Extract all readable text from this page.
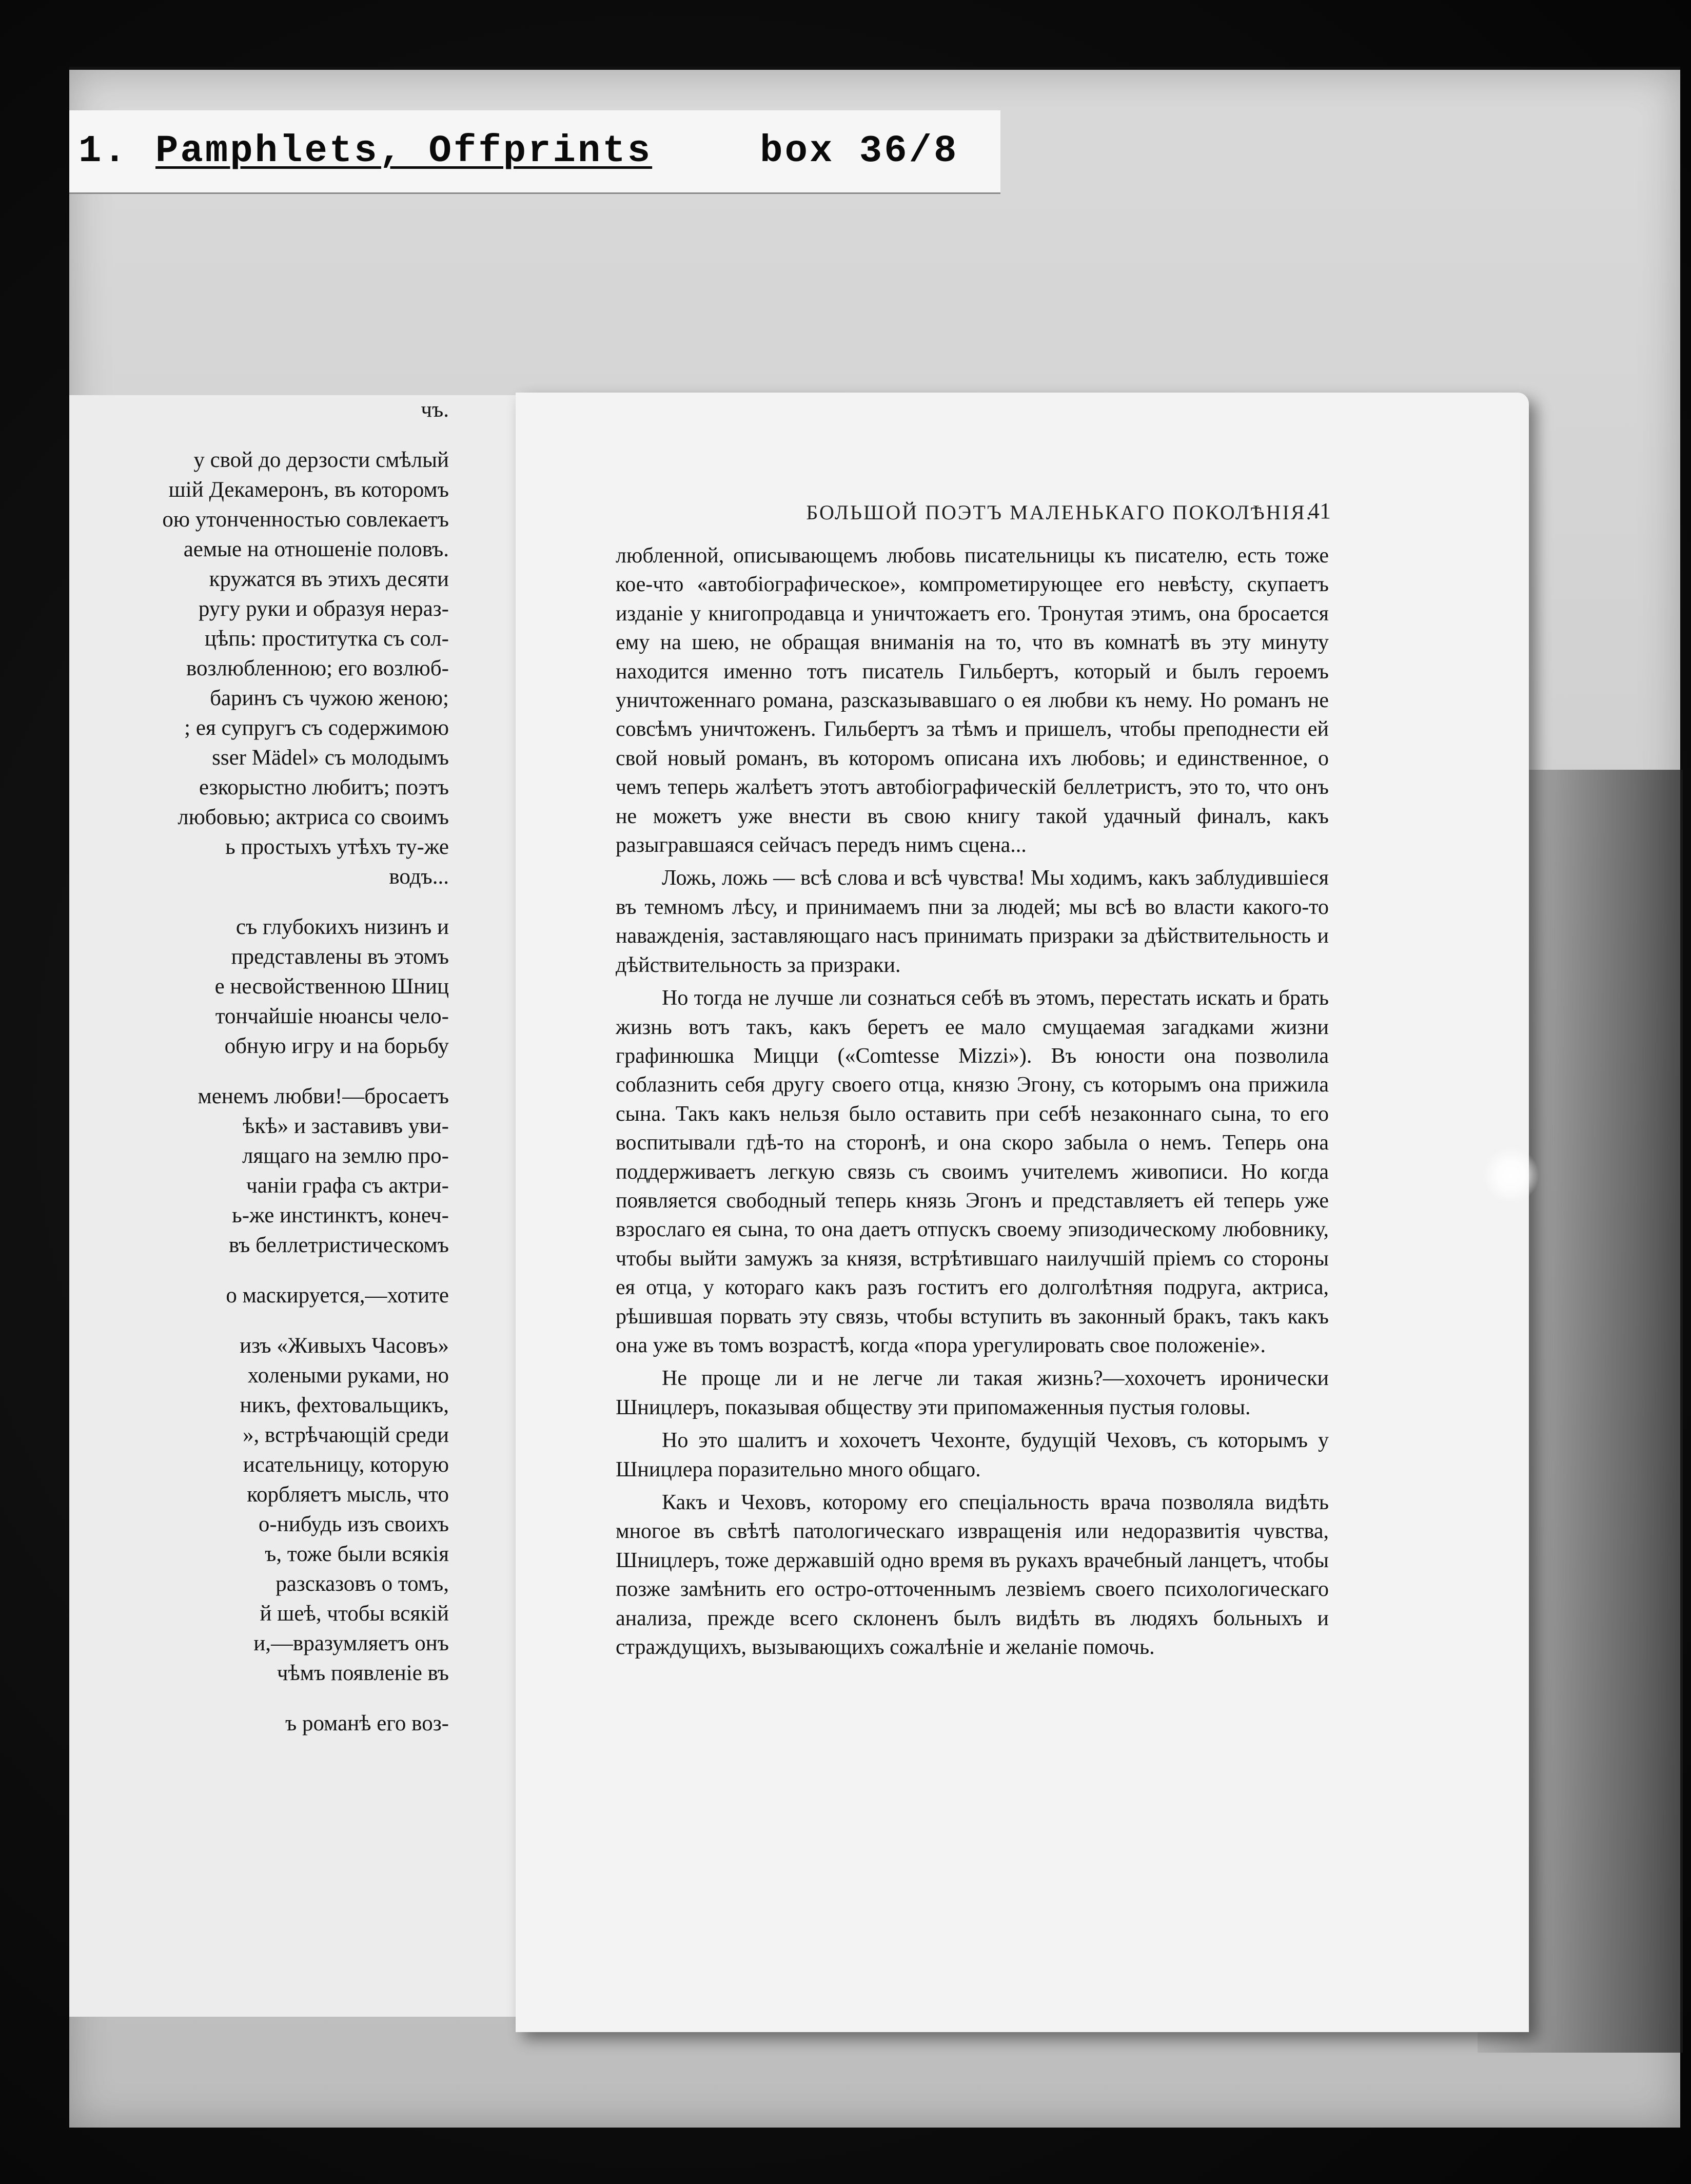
1. Pamphlets, Offprints	box 36/8
чъ.
у свой до дерзости смѣлый
шій Декамеронъ, въ которомъ
ою утонченностью совлекаетъ
аемые на отношеніе половъ.
кружатся въ этихъ десяти
ругу руки и образуя нераз-
цѣпь: проститутка съ сол-
возлюбленною; его возлюб-
баринъ съ чужою женою;
; ея супругъ съ содержимою
sser Mädel» съ молодымъ
езкорыстно любитъ; поэтъ
любовью; актриса со своимъ
ь простыхъ утѣхъ ту-же
водъ...
съ глубокихъ низинъ и
представлены въ этомъ
е несвойственною Шниц
тончайшіе нюансы чело-
обную игру и на борьбу
менемъ любви!—бросаетъ
ѣкѣ» и заставивъ уви-
лящаго на землю про-
чаніи графа съ актри-
ь-же инстинктъ, конеч-
въ беллетристическомъ
о маскируется,—хотите
изъ «Живыхъ Часовъ»
холеными руками, но
никъ, фехтовальщикъ,
», встрѣчающій среди
исательницу, которую
корбляетъ мысль, что
о-нибудь изъ своихъ
ъ, тоже были всякія
разсказовъ о томъ,
й шеѣ, чтобы всякій
и,—вразумляетъ онъ
чѣмъ появленіе въ
ъ романѣ его воз-
БОЛЬШОЙ ПОЭТЪ МАЛЕНЬКАГО ПОКОЛѢНІЯ.
41

любленной, описывающемъ любовь писательницы къ писателю, есть тоже кое-что «автобіографическое», компрометирующее его невѣсту, скупаетъ изданіе у книгопродавца и уничтожаетъ его. Тронутая этимъ, она бросается ему на шею, не обращая вниманія на то, что въ комнатѣ въ эту минуту находится именно тотъ писатель Гильбертъ, который и былъ героемъ уничтоженнаго романа, разсказывавшаго о ея любви къ нему. Но романъ не совсѣмъ уничтоженъ. Гильбертъ за тѣмъ и пришелъ, чтобы преподнести ей свой новый романъ, въ которомъ описана ихъ любовь; и единственное, о чемъ теперь жалѣетъ этотъ автобіографическій беллетристъ, это то, что онъ не можетъ уже внести въ свою книгу такой удачный финалъ, какъ разыгравшаяся сейчасъ передъ нимъ сцена...

Ложь, ложь — всѣ слова и всѣ чувства! Мы ходимъ, какъ заблудившіеся въ темномъ лѣсу, и принимаемъ пни за людей; мы всѣ во власти какого-то наважденія, заставляющаго насъ принимать призраки за дѣйствительность и дѣйствительность за призраки.

Но тогда не лучше ли сознаться себѣ въ этомъ, перестать искать и брать жизнь вотъ такъ, какъ беретъ ее мало смущаемая загадками жизни графинюшка Мицци («Comtesse Mizzi»). Въ юности она позволила соблазнить себя другу своего отца, князю Эгону, съ которымъ она прижила сына. Такъ какъ нельзя было оставить при себѣ незаконнаго сына, то его воспитывали гдѣ-то на сторонѣ, и она скоро забыла о немъ. Теперь она поддерживаетъ легкую связь съ своимъ учителемъ живописи. Но когда появляется свободный теперь князь Эгонъ и представляетъ ей теперь уже взрослаго ея сына, то она даетъ отпускъ своему эпизодическому любовнику, чтобы выйти замужъ за князя, встрѣтившаго наилучшій пріемъ со стороны ея отца, у котораго какъ разъ гоститъ его долголѣтняя подруга, актриса, рѣшившая порвать эту связь, чтобы вступить въ законный бракъ, такъ какъ она уже въ томъ возрастѣ, когда «пора урегулировать свое положеніе».

Не проще ли и не легче ли такая жизнь?—хохочетъ иронически Шницлеръ, показывая обществу эти припомаженныя пустыя головы.

Но это шалитъ и хохочетъ Чехонте, будущій Чеховъ, съ которымъ у Шницлера поразительно много общаго.

Какъ и Чеховъ, которому его спеціальность врача позволяла видѣть многое въ свѣтѣ патологическаго извращенія или недоразвитія чувства, Шницлеръ, тоже державшій одно время въ рукахъ врачебный ланцетъ, чтобы позже замѣнить его остро-отточеннымъ лезвіемъ своего психологическаго анализа, прежде всего склоненъ былъ видѣть въ людяхъ больныхъ и страждущихъ, вызывающихъ сожалѣніе и желаніе помочь.
